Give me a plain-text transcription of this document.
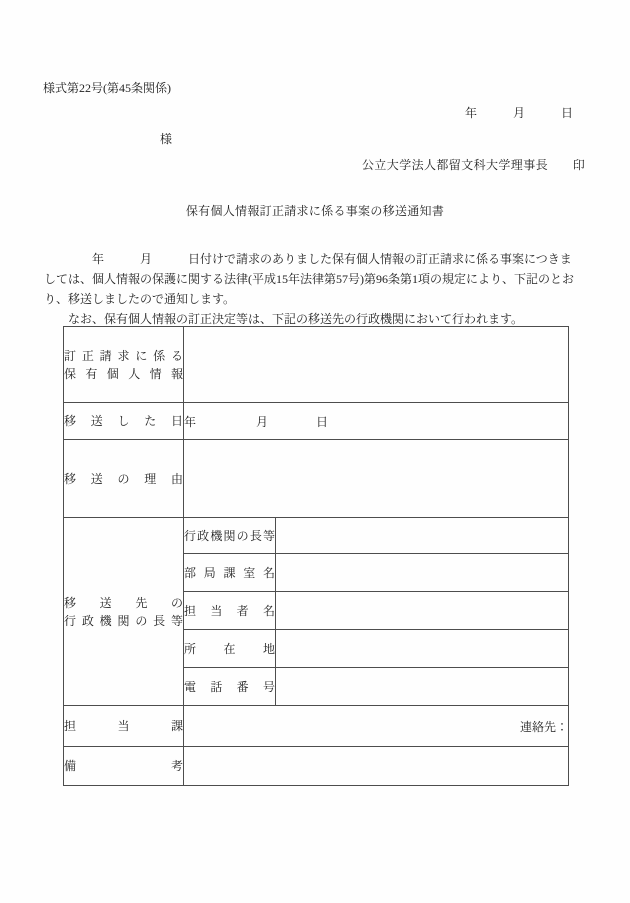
様式第22号(第45条関係)
年　　　月　　　日
様
公立大学法人都留文科大学理事長　　印
保有個人情報訂正請求に係る事案の移送通知書
　　　　年　　　月　　　日付けで請求のありました保有個人情報の訂正請求に係る事案につきま
しては、個人情報の保護に関する法律(平成15年法律第57号)第96条第1項の規定により、下記のとお
り、移送しましたので通知します。
　　なお、保有個人情報の訂正決定等は、下記の移送先の行政機関において行われます。
訂正請求に係る
保有個人情報		

移送した日	年　　　　　月　　　　日	

移送の理由		

移送先の
行政機関の長等	行政機関の長等	

	部局課室名	

	担当者名	

	所在地	

	電話番号	

担当課	連絡先：	

備考		
